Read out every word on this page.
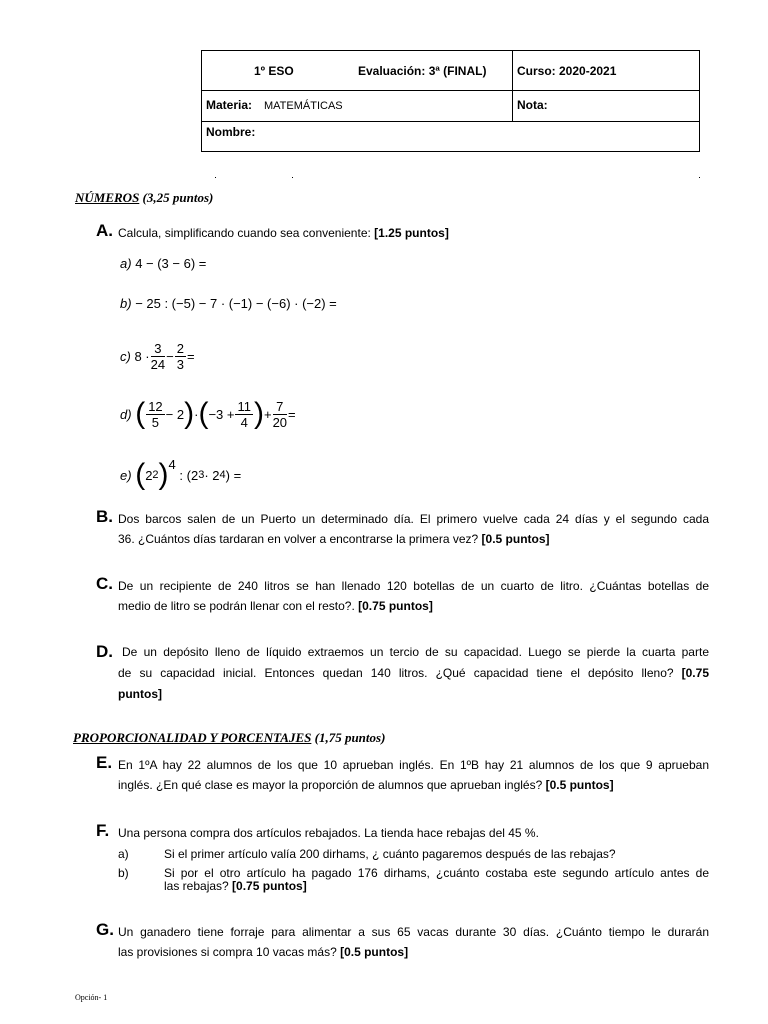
1º ESO	Evaluación: 3ª (FINAL)	Curso: 2020-2021
Materia: MATEMÁTICAS	Nota:
Nombre:
NÚMEROS (3,25 puntos)
A. Calcula, simplificando cuando sea conveniente: [1.25 puntos]
a) 4 − (3 − 6) =
b) − 25 : (−5) − 7 · (−1) − (−6) · (−2) =
c)
$8 \cdot \frac{3}{24} - \frac{2}{3}$ =
d)
( $\frac{12}{5} - 2$ ) · ( $-3 + \frac{11}{4}$ ) + $\frac{7}{20}$ =
e)
( 2 2 ) 4

: (2 3 · 2 4 ) =
B. Dos barcos salen de un Puerto un determinado día. El primero vuelve cada 24 días y el segundo cada
36. ¿Cuántos días tardaran en volver a encontrarse la primera vez? [0.5 puntos]
C. De un recipiente de 240 litros se han llenado 120 botellas de un cuarto de litro. ¿Cuántas botellas de
medio de litro se podrán llenar con el resto?. [0.75 puntos]
D. De un depósito lleno de líquido extraemos un tercio de su capacidad. Luego se pierde la cuarta parte
de su capacidad inicial. Entonces quedan 140 litros. ¿Qué capacidad tiene el depósito lleno? [0.75
puntos]
PROPORCIONALIDAD Y PORCENTAJES (1,75 puntos)
E. En 1ºA hay 22 alumnos de los que 10 aprueban inglés. En 1ºB hay 21 alumnos de los que 9 aprueban
inglés. ¿En qué clase es mayor la proporción de alumnos que aprueban inglés? [0.5 puntos]
F. Una persona compra dos artículos rebajados. La tienda hace rebajas del 45 %.
a)	Si el primer artículo valía 200 dirhams, ¿ cuánto pagaremos después de las rebajas?
b)	Si por el otro artículo ha pagado 176 dirhams, ¿cuánto costaba este segundo artículo antes de
las rebajas? [0.75 puntos]
G. Un ganadero tiene forraje para alimentar a sus 65 vacas durante 30 días. ¿Cuánto tiempo le durarán
las provisiones si compra 10 vacas más? [0.5 puntos]
Opción- 1
